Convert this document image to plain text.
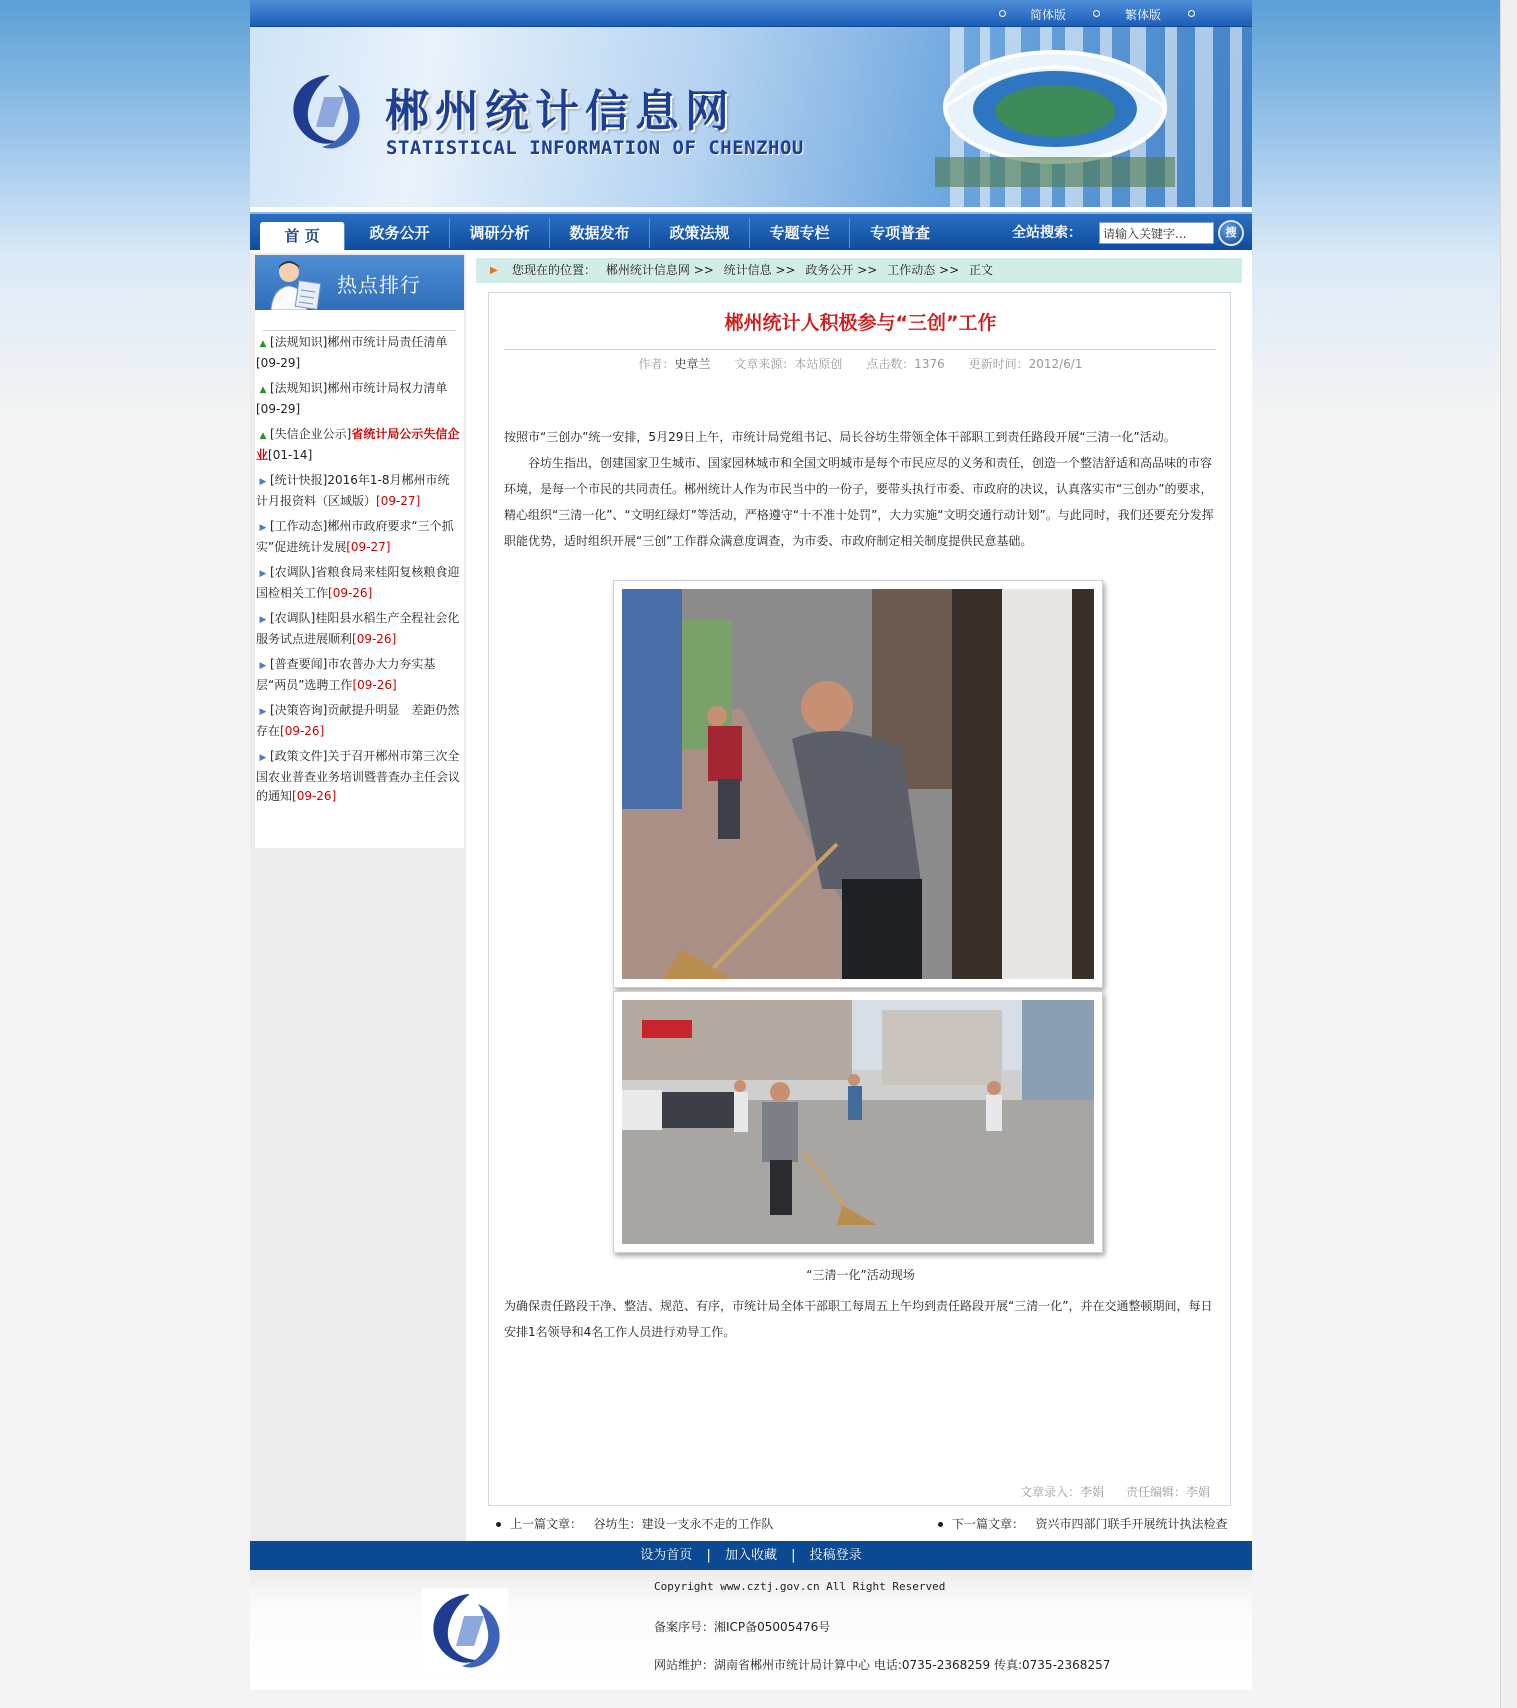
简体版	繁体版
郴州统计信息网
STATISTICAL INFORMATION OF CHENZHOU
首 页	政务公开	调研分析	数据发布	政策法规	专题专栏	专项普查	全站搜索：
请输入关键字...	搜
热点排行
▲ [法规知识]郴州市统计局责任清单[09-29]
▲ [法规知识]郴州市统计局权力清单[09-29]
▲ [失信企业公示]省统计局公示失信企业[01-14]
▶ [统计快报]2016年1-8月郴州市统计月报资料（区域版）[09-27]
▶ [工作动态]郴州市政府要求“三个抓实”促进统计发展[09-27]
▶ [农调队]省粮食局来桂阳复核粮食迎国检相关工作[09-26]
▶ [农调队]桂阳县水稻生产全程社会化服务试点进展顺利[09-26]
▶ [普查要闻]市农普办大力夯实基层“两员”选聘工作[09-26]
▶ [决策咨询]贡献提升明显　差距仍然存在[09-26]
▶ [政策文件]关于召开郴州市第三次全国农业普查业务培训暨普查办主任会议的通知[09-26]
▶ 您现在的位置： 郴州统计信息网 >> 统计信息 >> 政务公开 >> 工作动态 >> 正文
郴州统计人积极参与“三创”工作
作者：史章兰 文章来源：本站原创 点击数：1376 更新时间：2012/6/1
按照市“三创办”统一安排，5月29日上午，市统计局党组书记、局长谷坊生带领全体干部职工到责任路段开展“三清一化”活动。
谷坊生指出，创建国家卫生城市、国家园林城市和全国文明城市是每个市民应尽的义务和责任，创造一个整洁舒适和高品味的市容环境，是每一个市民的共同责任。郴州统计人作为市民当中的一份子，要带头执行市委、市政府的决议，认真落实市“三创办”的要求，精心组织“三清一化”、“文明红绿灯”等活动，严格遵守“十不准十处罚”，大力实施“文明交通行动计划”。与此同时，我们还要充分发挥职能优势，适时组织开展“三创”工作群众满意度调查，为市委、市政府制定相关制度提供民意基础。
“三清一化”活动现场
为确保责任路段干净、整洁、规范、有序，市统计局全体干部职工每周五上午均到责任路段开展“三清一化”，并在交通整顿期间，每日安排1名领导和4名工作人员进行劝导工作。
文章录入：李娟 责任编辑：李娟
上一篇文章： 谷坊生：建设一支永不走的工作队	下一篇文章： 资兴市四部门联手开展统计执法检查
设为首页 | 加入收藏 | 投稿登录
Copyright www.cztj.gov.cn All Right Reserved
备案序号：湘ICP备05005476号
网站维护：湖南省郴州市统计局计算中心 电话:0735-2368259 传真:0735-2368257
